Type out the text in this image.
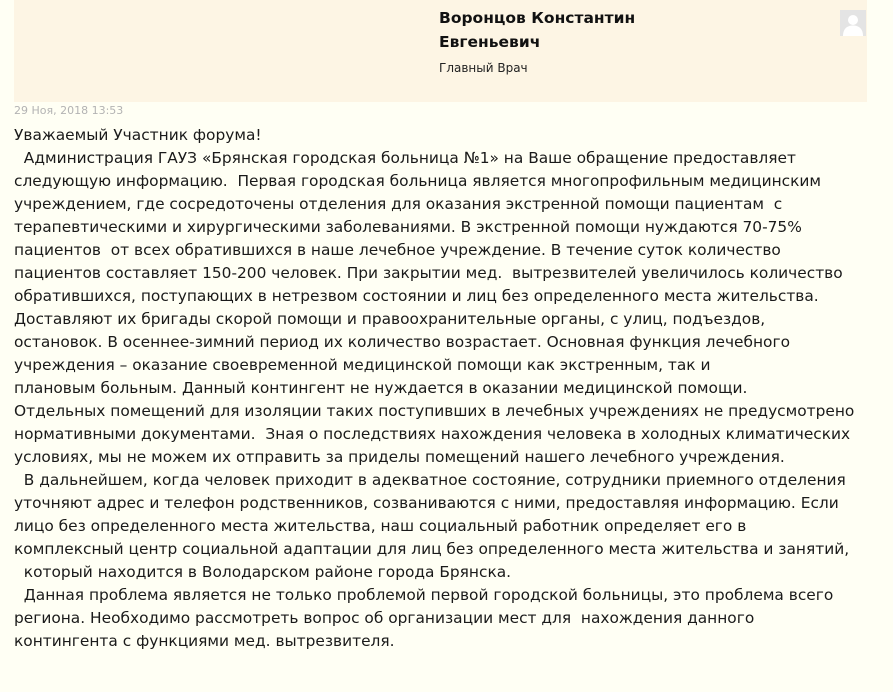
Воронцов Константин
Евгеньевич
Главный Врач
29 Ноя, 2018 13:53
Уважаемый Участник форума!
Администрация ГАУЗ «Брянская городская больница №1» на Ваше обращение предоставляет
следующую информацию.  Первая городская больница является многопрофильным медицинским
учреждением, где сосредоточены отделения для оказания экстренной помощи пациентам  с
терапевтическими и хирургическими заболеваниями. В экстренной помощи нуждаются 70-75%
пациентов  от всех обратившихся в наше лечебное учреждение. В течение суток количество
пациентов составляет 150-200 человек. При закрытии мед.  вытрезвителей увеличилось количество
обратившихся, поступающих в нетрезвом состоянии и лиц без определенного места жительства.
Доставляют их бригады скорой помощи и правоохранительные органы, с улиц, подъездов,
остановок. В осеннее-зимний период их количество возрастает. Основная функция лечебного
учреждения – оказание своевременной медицинской помощи как экстренным, так и
плановым больным. Данный контингент не нуждается в оказании медицинской помощи.
Отдельных помещений для изоляции таких поступивших в лечебных учреждениях не предусмотрено
нормативными документами.  Зная о последствиях нахождения человека в холодных климатических
условиях, мы не можем их отправить за приделы помещений нашего лечебного учреждения.
В дальнейшем, когда человек приходит в адекватное состояние, сотрудники приемного отделения
уточняют адрес и телефон родственников, созваниваются с ними, предоставляя информацию. Если
лицо без определенного места жительства, наш социальный работник определяет его в
комплексный центр социальной адаптации для лиц без определенного места жительства и занятий,
который находится в Володарском районе города Брянска.
Данная проблема является не только проблемой первой городской больницы, это проблема всего
региона. Необходимо рассмотреть вопрос об организации мест для  нахождения данного
контингента с функциями мед. вытрезвителя.
